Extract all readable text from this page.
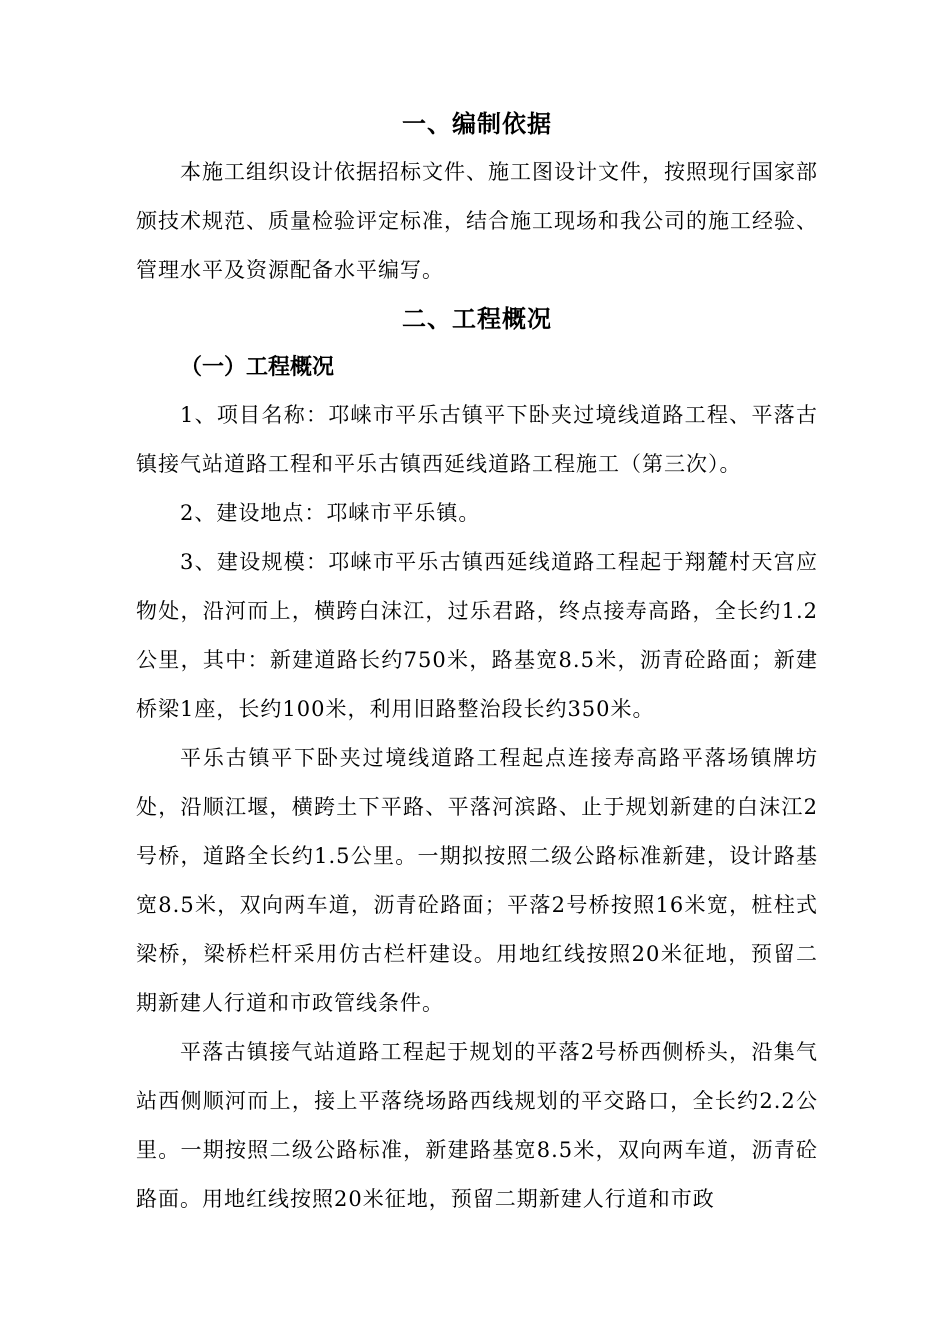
一、编制依据

本施工组织设计依据招标文件、施工图设计文件，按照现行国家部颁技术规范、质量检验评定标准，结合施工现场和我公司的施工经验、管理水平及资源配备水平编写。

二、工程概况
（一）工程概况

1、项目名称：邛崃市平乐古镇平下卧夹过境线道路工程、平落古镇接气站道路工程和平乐古镇西延线道路工程施工（第三次）。

2、建设地点：邛崃市平乐镇。

3、建设规模：邛崃市平乐古镇西延线道路工程起于翔麓村天宫应物处，沿河而上，横跨白沫江，过乐君路，终点接寿高路，全长约1.2公里，其中：新建道路长约750米，路基宽8.5米，沥青砼路面；新建桥梁1座，长约100米，利用旧路整治段长约350米。

平乐古镇平下卧夹过境线道路工程起点连接寿高路平落场镇牌坊处，沿顺江堰，横跨土下平路、平落河滨路、止于规划新建的白沫江2号桥，道路全长约1.5公里。一期拟按照二级公路标准新建，设计路基宽8.5米，双向两车道，沥青砼路面；平落2号桥按照16米宽，桩柱式梁桥，梁桥栏杆采用仿古栏杆建设。用地红线按照20米征地，预留二期新建人行道和市政管线条件。

平落古镇接气站道路工程起于规划的平落2号桥西侧桥头，沿集气站西侧顺河而上，接上平落绕场路西线规划的平交路口，全长约2.2公里。一期按照二级公路标准，新建路基宽8.5米，双向两车道，沥青砼路面。用地红线按照20米征地，预留二期新建人行道和市政
